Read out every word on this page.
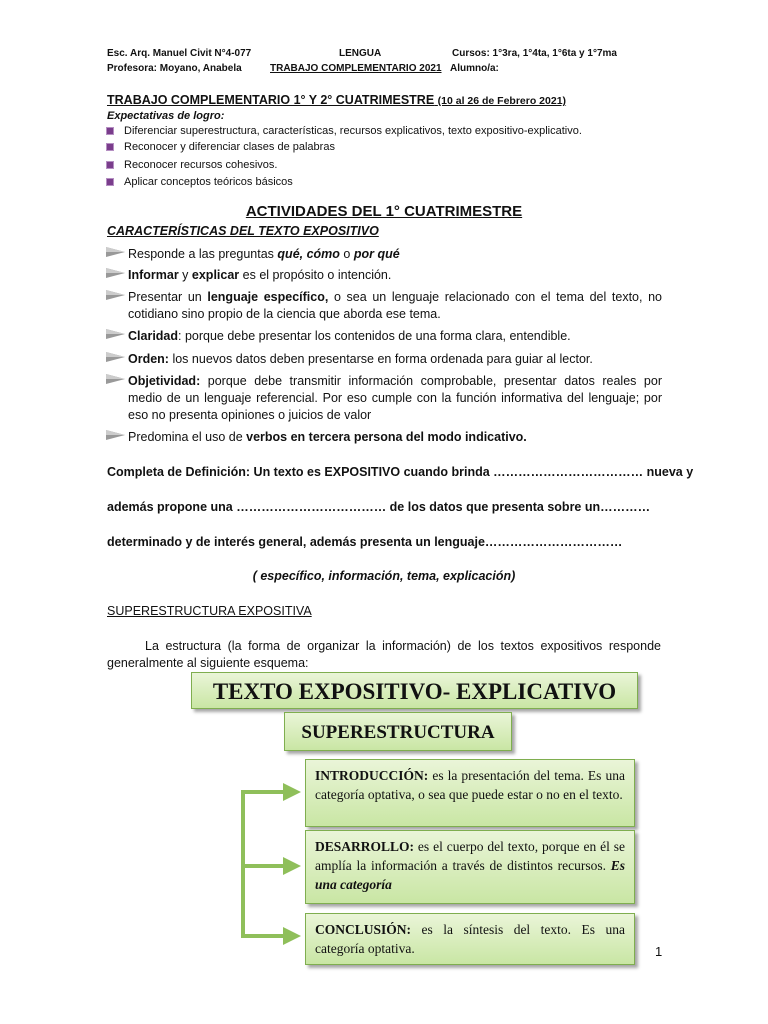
Esc. Arq. Manuel Civit N°4-077	LENGUA	Cursos: 1°3ra, 1°4ta, 1°6ta y 1°7ma
Profesora: Moyano, Anabela	TRABAJO COMPLEMENTARIO 2021 Alumno/a:
TRABAJO COMPLEMENTARIO 1° Y 2° CUATRIMESTRE (10 al 26 de Febrero 2021)
Expectativas de logro:
Diferenciar superestructura, características, recursos explicativos, texto expositivo-explicativo.
Reconocer y diferenciar clases de palabras
Reconocer recursos cohesivos.
Aplicar conceptos teóricos básicos
ACTIVIDADES DEL 1° CUATRIMESTRE
CARACTERÍSTICAS DEL TEXTO EXPOSITIVO
Responde a las preguntas qué, cómo o por qué
Informar y explicar es el propósito o intención.
Presentar un lenguaje específico, o sea un lenguaje relacionado con el tema del texto, no cotidiano sino propio de la ciencia que aborda ese tema.
Claridad: porque debe presentar los contenidos de una forma clara, entendible.
Orden: los nuevos datos deben presentarse en forma ordenada para guiar al lector.
Objetividad: porque debe transmitir información comprobable, presentar datos reales por medio de un lenguaje referencial. Por eso cumple con la función informativa del lenguaje; por eso no presenta opiniones o juicios de valor
Predomina el uso de verbos en tercera persona del modo indicativo.
Completa de Definición: Un texto es EXPOSITIVO cuando brinda ……………………………… nueva y
además propone una ……………………………… de los datos que presenta sobre un…………
determinado y de interés general, además presenta un lenguaje……………………………
( específico, información, tema, explicación)
SUPERESTRUCTURA EXPOSITIVA
La estructura (la forma de organizar la información) de los textos expositivos responde generalmente al siguiente esquema:
TEXTO EXPOSITIVO- EXPLICATIVO
SUPERESTRUCTURA
INTRODUCCIÓN: es la presentación del tema. Es una categoría optativa, o sea que puede estar o no en el texto.
DESARROLLO: es el cuerpo del texto, porque en él se amplía la información a través de distintos recursos. Es una categoría
CONCLUSIÓN: es la síntesis del texto. Es una categoría optativa.	1
